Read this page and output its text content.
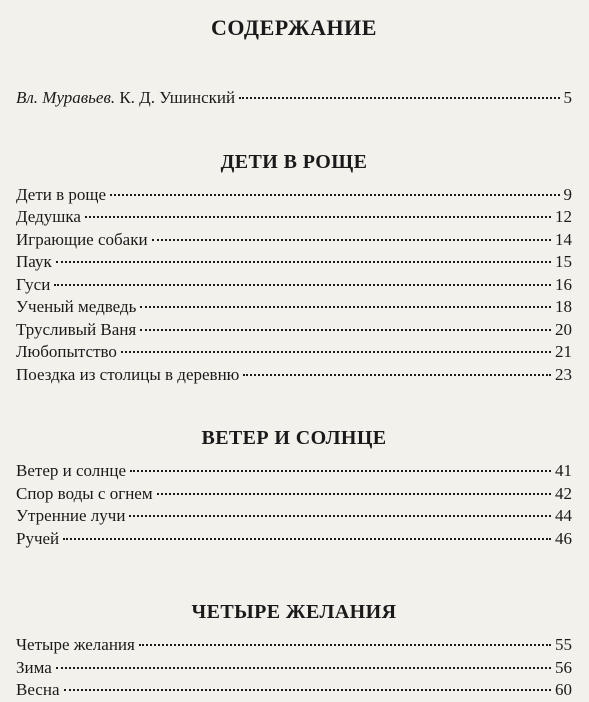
СОДЕРЖАНИЕ
Вл. Муравьев. К. Д. Ушинский	5
ДЕТИ В РОЩЕ
Дети в роще	9
Дедушка	12
Играющие собаки	14
Паук	15
Гуси	16
Ученый медведь	18
Трусливый Ваня	20
Любопытство	21
Поездка из столицы в деревню	23
ВЕТЕР И СОЛНЦЕ
Ветер и солнце	41
Спор воды с огнем	42
Утренние лучи	44
Ручей	46
ЧЕТЫРЕ ЖЕЛАНИЯ
Четыре желания	55
Зима	56
Весна	60
